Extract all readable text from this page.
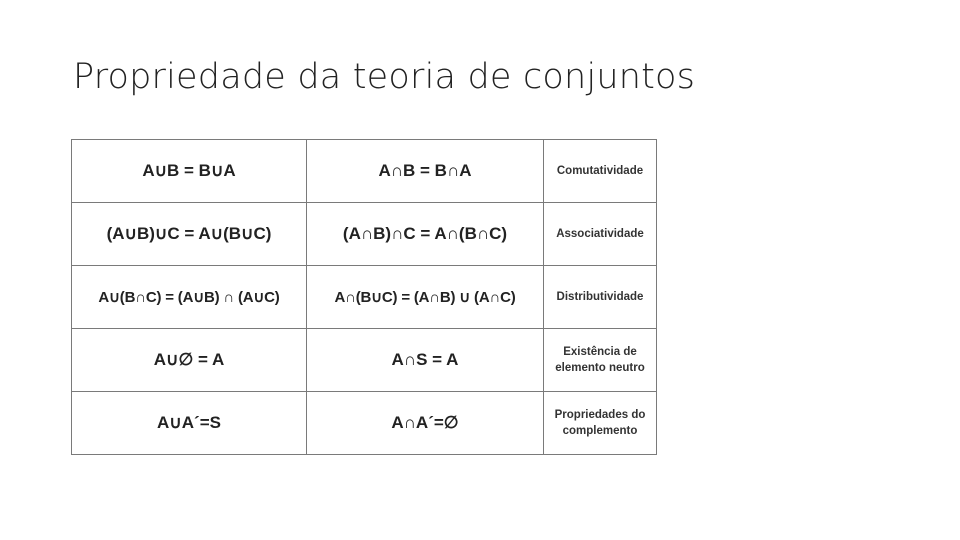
Propriedade da teoria de conjuntos
A∪B = B∪A	A∩B = B∩A	Comutatividade

(A∪B)∪C = A∪(B∪C)	(A∩B)∩C = A∩(B∩C)	Associatividade

A∪(B∩C) = (A∪B) ∩ (A∪C)	A∩(B∪C) = (A∩B) ∪ (A∩C)	Distributividade

A∪∅ = A	A∩S = A	Existência de elemento neutro

A∪A´=S	A∩A´=∅	Propriedades do complemento
